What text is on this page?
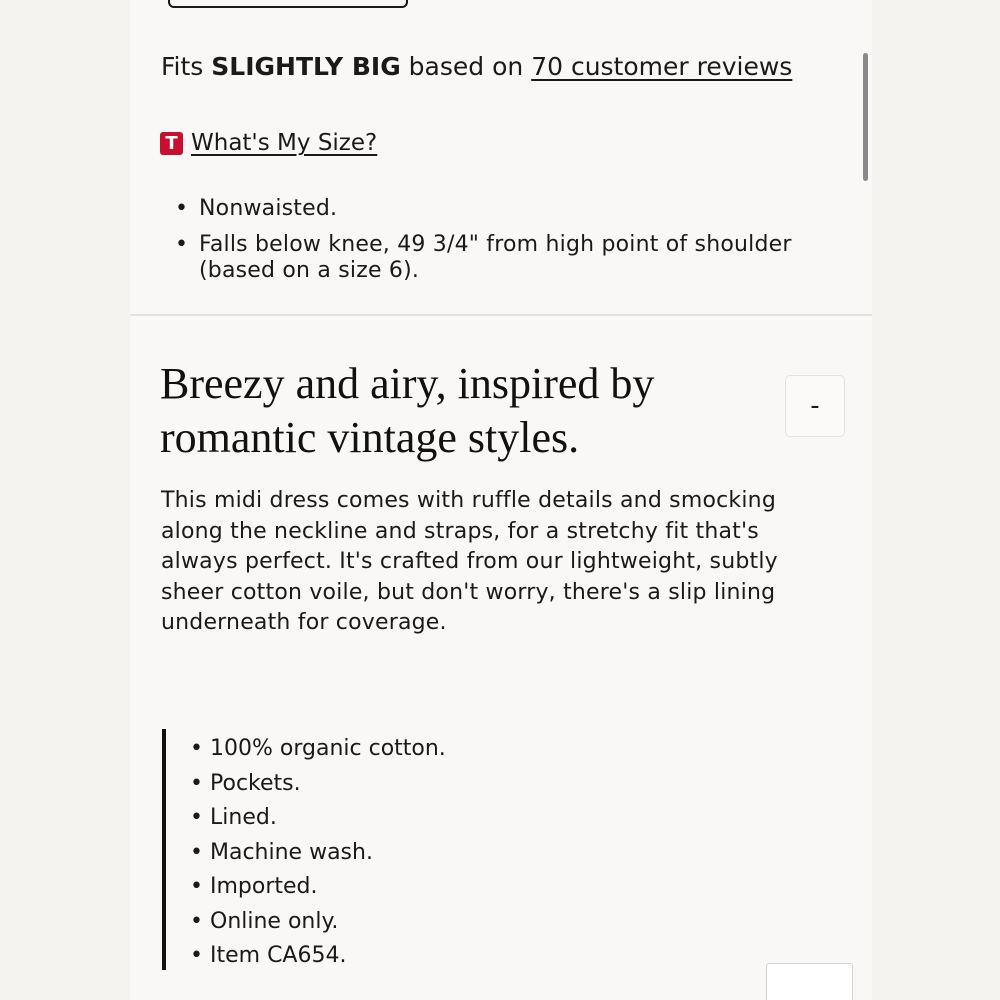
Fits SLIGHTLY BIG based on 70 customer reviews
T What's My Size?
• Nonwaisted.
• Falls below knee, 49 3/4" from high point of shoulder (based on a size 6).
Breezy and airy, inspired by romantic vintage styles.
-

This midi dress comes with ruffle details and smocking along the neckline and straps, for a stretchy fit that's always perfect. It's crafted from our lightweight, subtly sheer cotton voile, but don't worry, there's a slip lining underneath for coverage.

• 100% organic cotton.
• Pockets.
• Lined.
• Machine wash.
• Imported.
• Online only.
• Item CA654.
